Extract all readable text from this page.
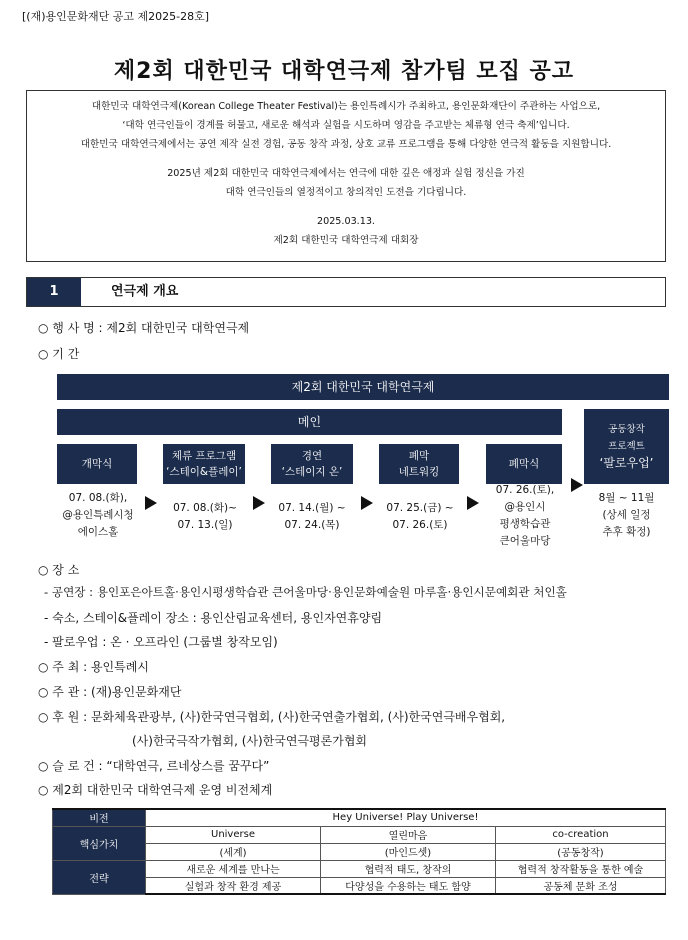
[(재)용인문화재단 공고 제2025-28호]
제2회 대한민국 대학연극제 참가팀 모집 공고

대한민국 대학연극제(Korean College Theater Festival)는 용인특례시가 주최하고, 용인문화재단이 주관하는 사업으로,

‘대학 연극인들이 경계를 허물고, 새로운 해석과 실험을 시도하며 영감을 주고받는 체류형 연극 축제’입니다.

대한민국 대학연극제에서는 공연 제작 실전 경험, 공동 창작 과정, 상호 교류 프로그램을 통해 다양한 연극적 활동을 지원합니다.

2025년 제2회 대한민국 대학연극제에서는 연극에 대한 깊은 애정과 실험 정신을 가진

대학 연극인들의 열정적이고 창의적인 도전을 기다립니다.

2025.03.13.

제2회 대한민국 대학연극제 대회장

1	연극제 개요
○ 행 사 명 : 제2회 대한민국 대학연극제
○ 기 간
제2회 대한민국 대학연극제
메인
개막식
체류 프로그램
‘스테이&플레이’
경연
‘스테이지 온’
폐막
네트워킹
폐막식
공동창작
프로젝트
‘팔로우업’
07. 08.(화),
@용인특례시청
에이스홀
07. 08.(화)~
07. 13.(일)
07. 14.(월) ~
07. 24.(목)
07. 25.(금) ~
07. 26.(토)
07. 26.(토),
@용인시
평생학습관
큰어울마당
8월 ~ 11월
(상세 일정
추후 확정)
○ 장 소
- 공연장 : 용인포은아트홀·용인시평생학습관 큰어울마당·용인문화예술원 마루홀·용인시문예회관 처인홀
- 숙소, 스테이&플레이 장소 : 용인산림교육센터, 용인자연휴양림
- 팔로우업 : 온 · 오프라인 (그룹별 창작모임)
○ 주 최 : 용인특례시
○ 주 관 : (재)용인문화재단
○ 후 원 : 문화체육관광부, (사)한국연극협회, (사)한국연출가협회, (사)한국연극배우협회,
(사)한국극작가협회, (사)한국연극평론가협회
○ 슬 로 건 : “대학연극, 르네상스를 꿈꾸다”
○ 제2회 대한민국 대학연극제 운영 비전체계
비전	Hey Universe! Play Universe!		
핵심가치	Universe	열린마음	co-creation
	(세계)	(마인드셋)	(공동창작)
전략	새로운 세계를 만나는	협력적 태도, 창작의	협력적 창작활동을 통한 예술
	실험과 창작 환경 제공	다양성을 수용하는 태도 함양	공동체 문화 조성
